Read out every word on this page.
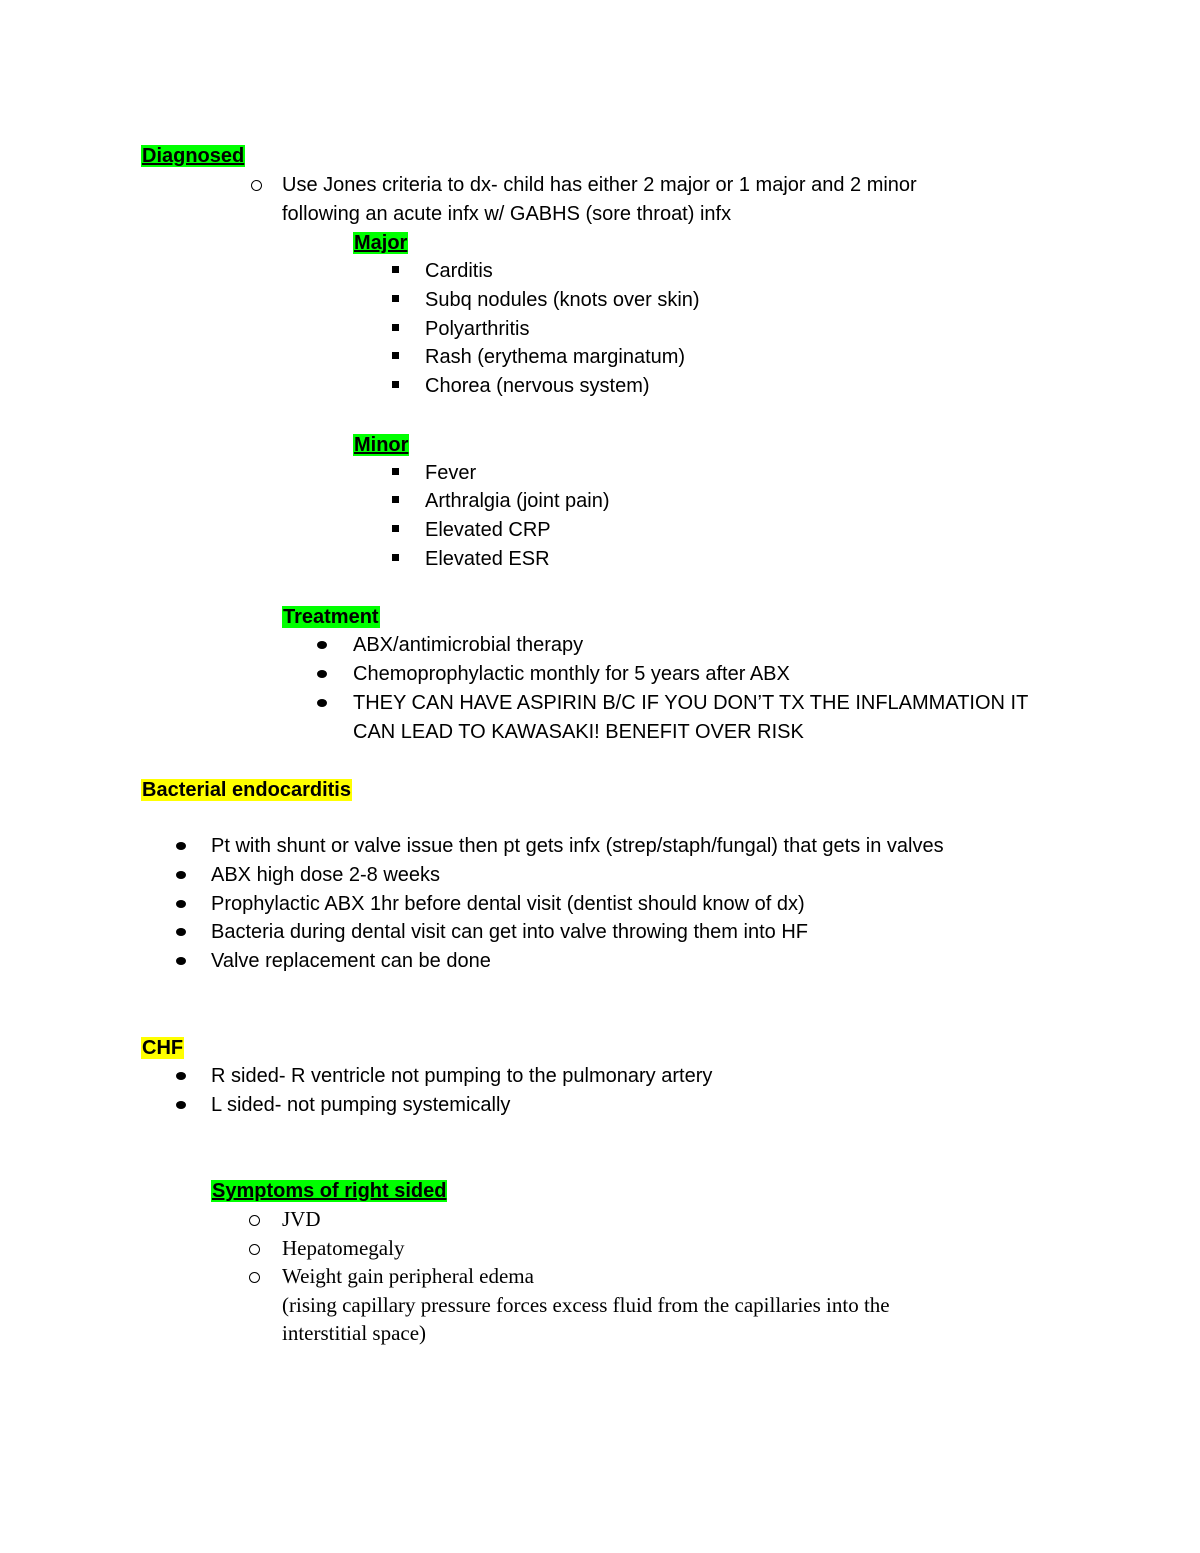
Diagnosed
Use Jones criteria to dx- child has either 2 major or 1 major and 2 minor
following an acute infx w/ GABHS (sore throat) infx
Major
Carditis
Subq nodules (knots over skin)
Polyarthritis
Rash (erythema marginatum)
Chorea (nervous system)
Minor
Fever
Arthralgia (joint pain)
Elevated CRP
Elevated ESR
Treatment
ABX/antimicrobial therapy
Chemoprophylactic monthly for 5 years after ABX
THEY CAN HAVE ASPIRIN B/C IF YOU DON’T TX THE INFLAMMATION IT
CAN LEAD TO KAWASAKI! BENEFIT OVER RISK
Bacterial endocarditis
Pt with shunt or valve issue then pt gets infx (strep/staph/fungal) that gets in valves
ABX high dose 2-8 weeks
Prophylactic ABX 1hr before dental visit (dentist should know of dx)
Bacteria during dental visit can get into valve throwing them into HF
Valve replacement can be done
CHF
R sided- R ventricle not pumping to the pulmonary artery
L sided- not pumping systemically
Symptoms of right sided
JVD
Hepatomegaly
Weight gain peripheral edema
(rising capillary pressure forces excess fluid from the capillaries into the
interstitial space)
